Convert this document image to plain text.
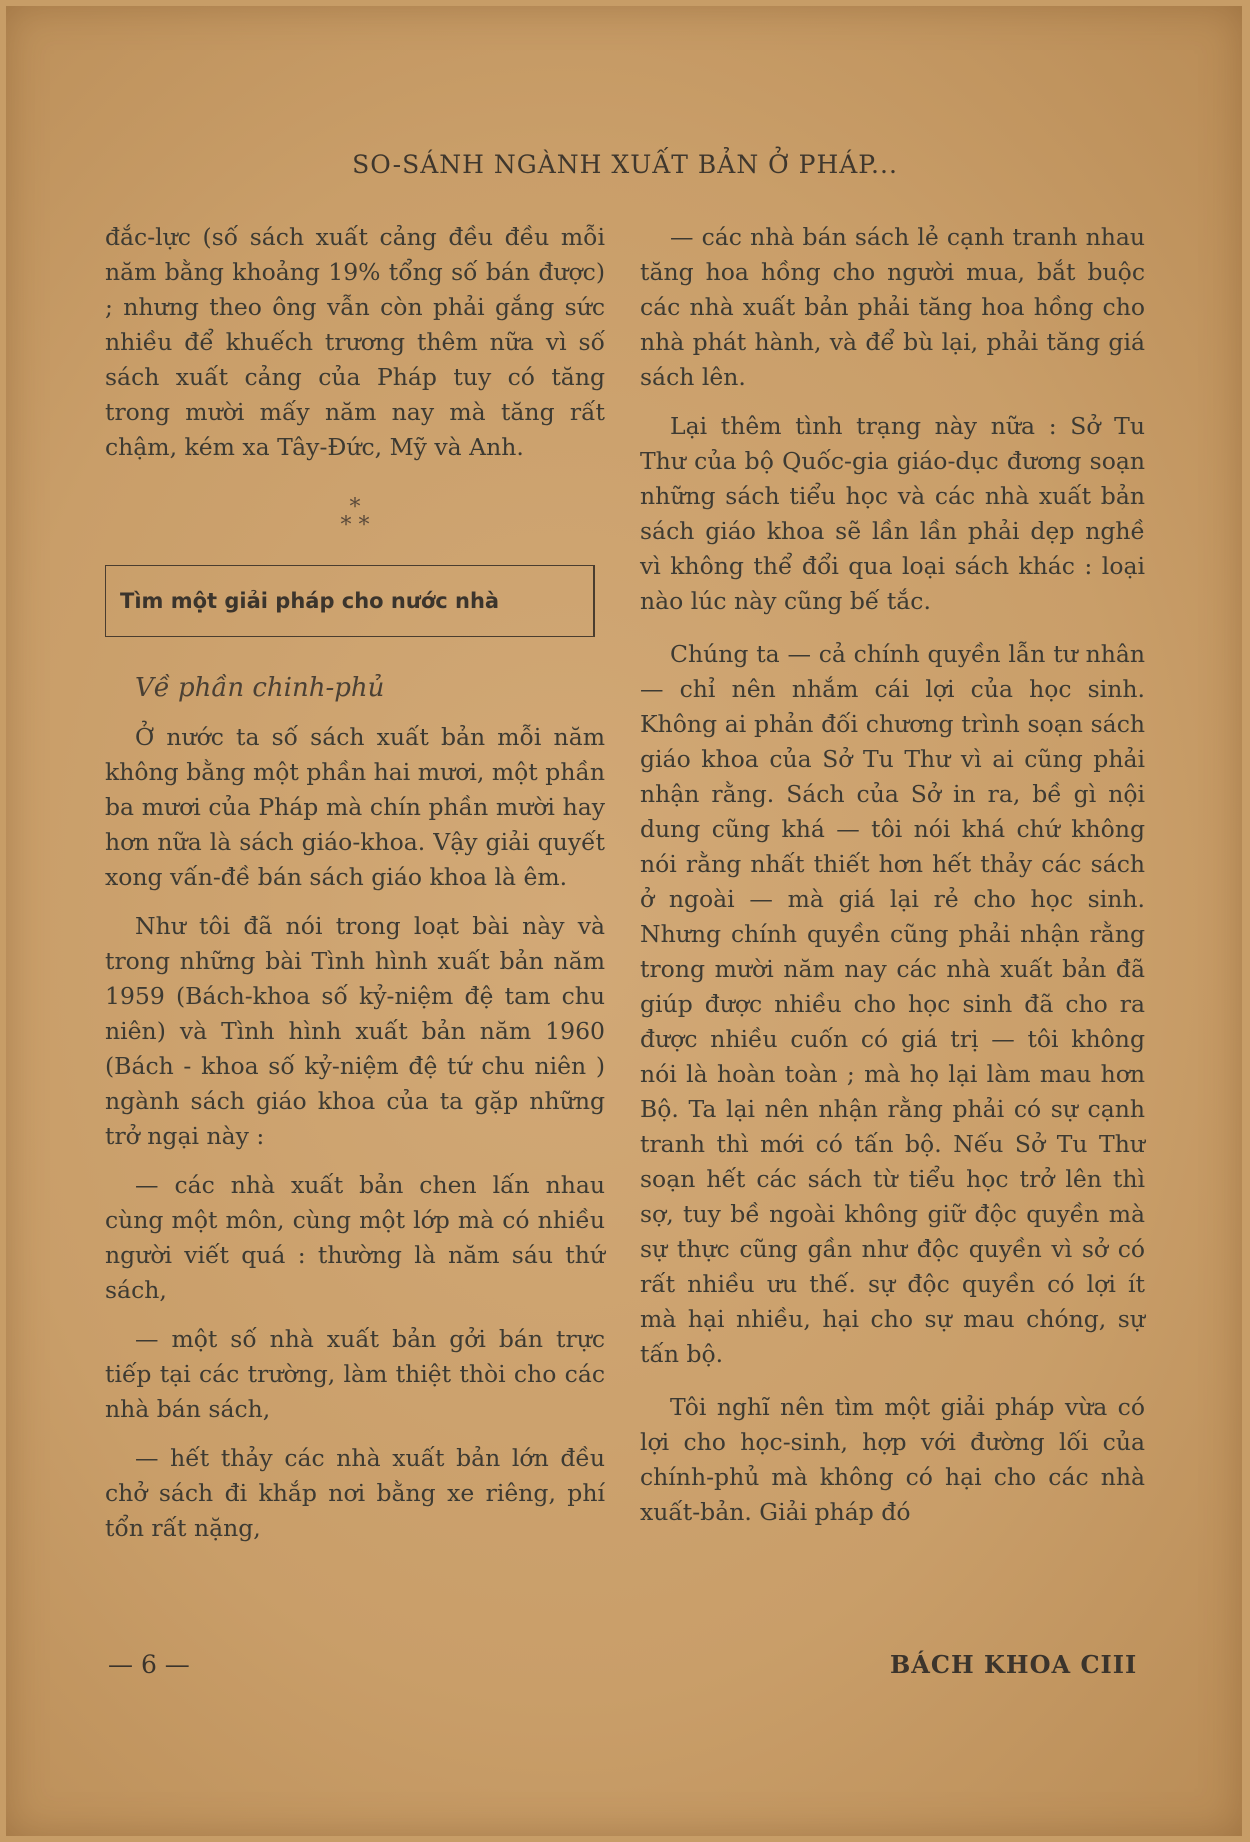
SO-SÁNH NGÀNH XUẤT BẢN Ở PHÁP...

đắc-lực (số sách xuất cảng đều đều mỗi năm bằng khoảng 19% tổng số bán được) ; nhưng theo ông vẫn còn phải gắng sức nhiều để khuếch trương thêm nữa vì số sách xuất cảng của Pháp tuy có tăng trong mười mấy năm nay mà tăng rất chậm, kém xa Tây-Đức, Mỹ và Anh.

*
* *
Tìm một giải pháp cho nước nhà

Về phần chinh-phủ

Ở nước ta số sách xuất bản mỗi năm không bằng một phần hai mươi, một phần ba mươi của Pháp mà chín phần mười hay hơn nữa là sách giáo-khoa. Vậy giải quyết xong vấn-đề bán sách giáo khoa là êm.

Như tôi đã nói trong loạt bài này và trong những bài Tình hình xuất bản năm 1959 (Bách-khoa số kỷ-niệm đệ tam chu niên) và Tình hình xuất bản năm 1960 (Bách - khoa số kỷ-niệm đệ tứ chu niên ) ngành sách giáo khoa của ta gặp những trở ngại này :

— các nhà xuất bản chen lấn nhau cùng một môn, cùng một lớp mà có nhiều người viết quá : thường là năm sáu thứ sách,

— một số nhà xuất bản gởi bán trực tiếp tại các trường, làm thiệt thòi cho các nhà bán sách,

— hết thảy các nhà xuất bản lớn đều chở sách đi khắp nơi bằng xe riêng, phí tổn rất nặng,

— các nhà bán sách lẻ cạnh tranh nhau tăng hoa hồng cho người mua, bắt buộc các nhà xuất bản phải tăng hoa hồng cho nhà phát hành, và để bù lại, phải tăng giá sách lên.

Lại thêm tình trạng này nữa : Sở Tu Thư của bộ Quốc-gia giáo-dục đương soạn những sách tiểu học và các nhà xuất bản sách giáo khoa sẽ lần lần phải dẹp nghề vì không thể đổi qua loại sách khác : loại nào lúc này cũng bế tắc.

Chúng ta — cả chính quyền lẫn tư nhân — chỉ nên nhắm cái lợi của học sinh. Không ai phản đối chương trình soạn sách giáo khoa của Sở Tu Thư vì ai cũng phải nhận rằng. Sách của Sở in ra, bề gì nội dung cũng khá — tôi nói khá chứ không nói rằng nhất thiết hơn hết thảy các sách ở ngoài — mà giá lại rẻ cho học sinh. Nhưng chính quyền cũng phải nhận rằng trong mười năm nay các nhà xuất bản đã giúp được nhiều cho học sinh đã cho ra được nhiều cuốn có giá trị — tôi không nói là hoàn toàn ; mà họ lại làm mau hơn Bộ. Ta lại nên nhận rằng phải có sự cạnh tranh thì mới có tấn bộ. Nếu Sở Tu Thư soạn hết các sách từ tiểu học trở lên thì sợ, tuy bề ngoài không giữ độc quyền mà sự thực cũng gần như độc quyền vì sở có rất nhiều ưu thế. sự độc quyền có lợi ít mà hại nhiều, hại cho sự mau chóng, sự tấn bộ.

Tôi nghĩ nên tìm một giải pháp vừa có lợi cho học-sinh, hợp với đường lối của chính-phủ mà không có hại cho các nhà xuất-bản. Giải pháp đó

— 6 —	BÁCH KHOA CIII
